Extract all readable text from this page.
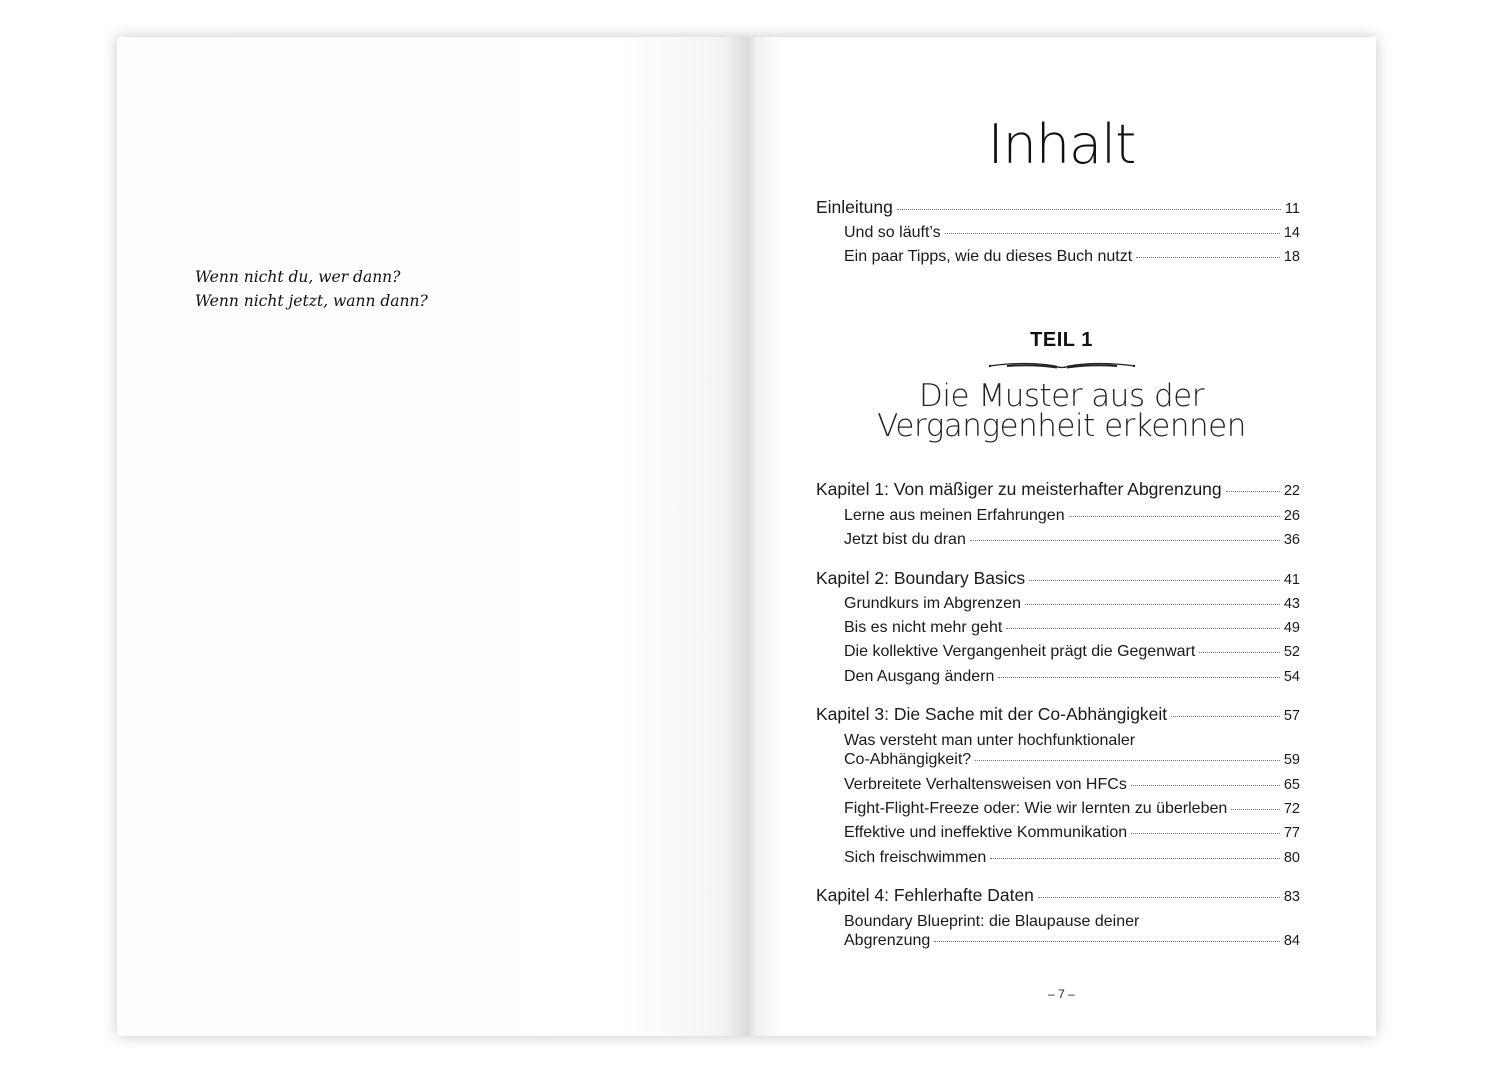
Wenn nicht du, wer dann?
Wenn nicht jetzt, wann dann?
Inhalt
Einleitung	11
Und so läuft’s	14
Ein paar Tipps, wie du dieses Buch nutzt	18
TEIL 1
Die Muster aus der
Vergangenheit erkennen
Kapitel 1: Von mäßiger zu meisterhafter Abgrenzung	22
Lerne aus meinen Erfahrungen	26
Jetzt bist du dran	36
Kapitel 2: Boundary Basics	41
Grundkurs im Abgrenzen	43
Bis es nicht mehr geht	49
Die kollektive Vergangenheit prägt die Gegenwart	52
Den Ausgang ändern	54
Kapitel 3: Die Sache mit der Co-Abhängigkeit	57
Was versteht man unter hochfunktionaler
Co-Abhängigkeit?	59
Verbreitete Verhaltensweisen von HFCs	65
Fight-Flight-Freeze oder: Wie wir lernten zu überleben	72
Effektive und ineffektive Kommunikation	77
Sich freischwimmen	80
Kapitel 4: Fehlerhafte Daten	83
Boundary Blueprint: die Blaupause deiner
Abgrenzung	84
– 7 –
